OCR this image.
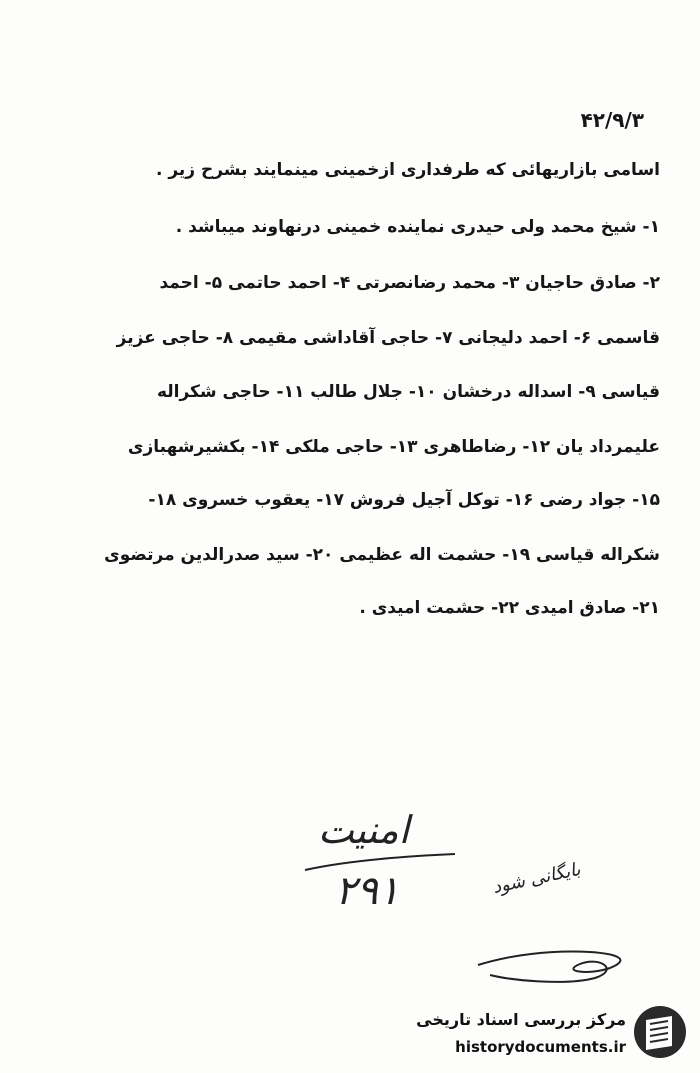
۴۲/۹/۳
اسامی بازاریهائی که طرفداری ازخمینی مینمایند بشرح زیر .
۱- شیخ محمد ولی حیدری نماینده خمینی درنهاوند میباشد .
۲- صادق حاجیان ۳- محمد رضانصرتی ۴- احمد حاتمی ۵- احمد
قاسمی ۶- احمد دلیجانی ۷- حاجی آقاداشی مقیمی ۸- حاجی عزیز
قیاسی ۹- اسداله درخشان ۱۰- جلال طالب ۱۱- حاجی شکراله
علیمرداد یان ۱۲- رضاطاهری ۱۳- حاجی ملکی ۱۴- بکشیرشهبازی
۱۵- جواد رضی ۱۶- توکل آجیل فروش ۱۷- یعقوب خسروی ۱۸-
شکراله قیاسی ۱۹- حشمت اله عظیمی ۲۰- سید صدرالدین مرتضوی
۲۱- صادق امیدی ۲۲- حشمت امیدی .
امنیت
۲۹۱	بایگانی شود
مرکز بررسی اسناد تاریخی
historydocuments.ir
